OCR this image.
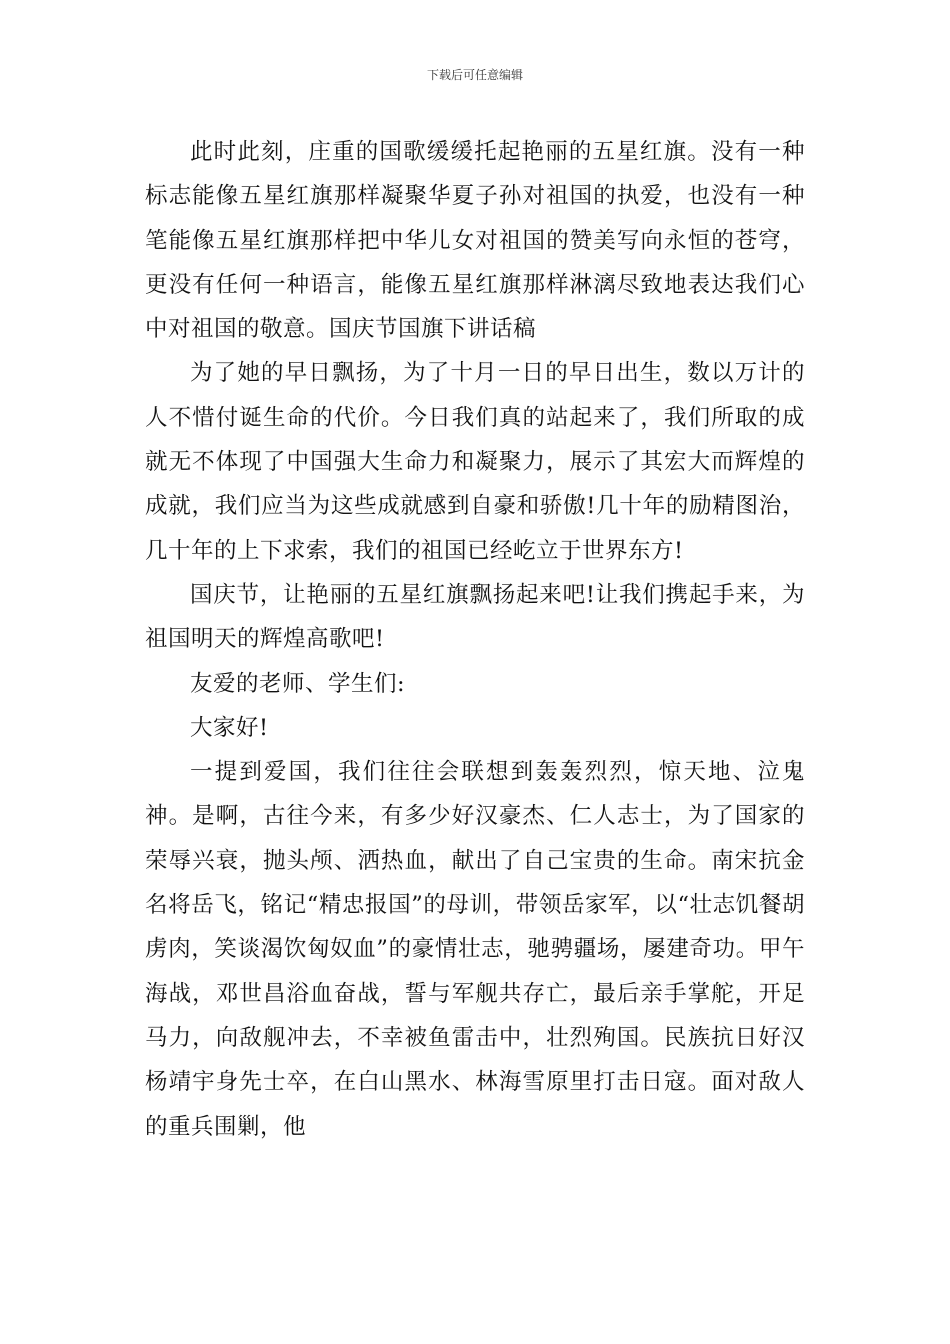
下载后可任意编辑

此时此刻，庄重的国歌缓缓托起艳丽的五星红旗。没有一种标志能像五星红旗那样凝聚华夏子孙对祖国的执爱，也没有一种笔能像五星红旗那样把中华儿女对祖国的赞美写向永恒的苍穹，更没有任何一种语言，能像五星红旗那样淋漓尽致地表达我们心中对祖国的敬意。国庆节国旗下讲话稿

为了她的早日飘扬，为了十月一日的早日出生，数以万计的人不惜付诞生命的代价。今日我们真的站起来了，我们所取的成就无不体现了中国强大生命力和凝聚力，展示了其宏大而辉煌的成就，我们应当为这些成就感到自豪和骄傲!几十年的励精图治，几十年的上下求索，我们的祖国已经屹立于世界东方!

国庆节，让艳丽的五星红旗飘扬起来吧!让我们携起手来，为祖国明天的辉煌高歌吧!

友爱的老师、学生们:

大家好!

一提到爱国，我们往往会联想到轰轰烈烈，惊天地、泣鬼神。是啊，古往今来，有多少好汉豪杰、仁人志士，为了国家的荣辱兴衰，抛头颅、洒热血，献出了自己宝贵的生命。南宋抗金名将岳飞，铭记“精忠报国”的母训，带领岳家军，以“壮志饥餐胡虏肉，笑谈渴饮匈奴血”的豪情壮志，驰骋疆场，屡建奇功。甲午海战，邓世昌浴血奋战，誓与军舰共存亡，最后亲手掌舵，开足马力，向敌舰冲去，不幸被鱼雷击中，壮烈殉国。民族抗日好汉杨靖宇身先士卒，在白山黑水、林海雪原里打击日寇。面对敌人的重兵围剿，他
